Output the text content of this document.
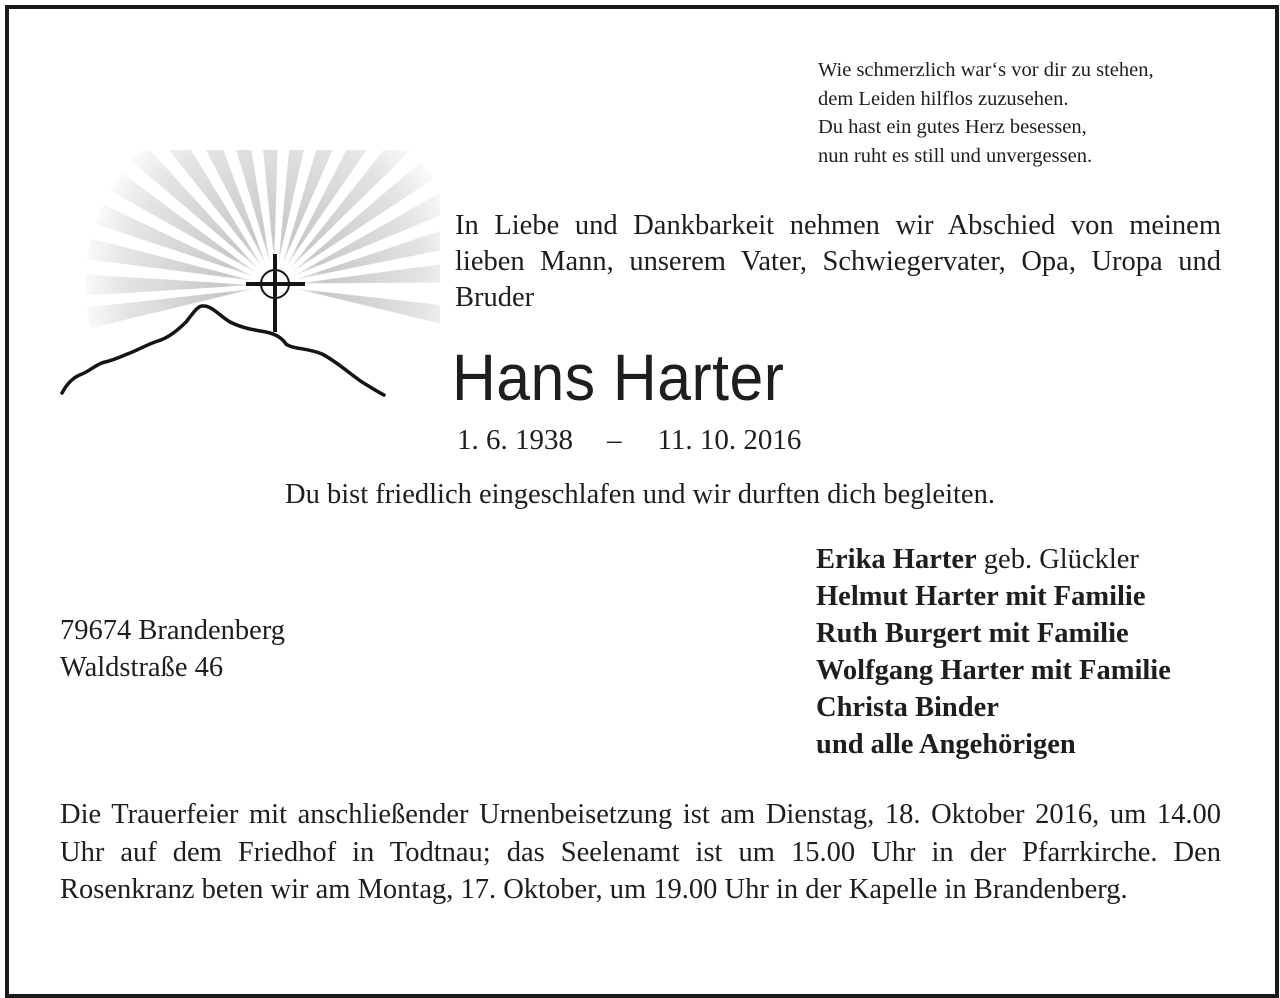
Wie schmerzlich war‘s vor dir zu stehen,
dem Leiden hilflos zuzusehen.
Du hast ein gutes Herz besessen,
nun ruht es still und unvergessen.
In Liebe und Dankbarkeit nehmen wir Abschied von meinem lieben Mann, unserem Vater, Schwiegervater, Opa, Uropa und Bruder
Hans Harter
1. 6. 1938 – 11. 10. 2016
Du bist friedlich eingeschlafen und wir durften dich begleiten.
79674 Brandenberg
Waldstraße 46
Erika Harter geb. Glückler
Helmut Harter mit Familie
Ruth Burgert mit Familie
Wolfgang Harter mit Familie
Christa Binder
und alle Angehörigen
Die Trauerfeier mit anschließender Urnenbeisetzung ist am Dienstag, 18. Oktober 2016, um 14.00 Uhr auf dem Friedhof in Todtnau; das Seelenamt ist um 15.00 Uhr in der Pfarrkirche. Den Rosenkranz beten wir am Montag, 17. Oktober, um 19.00 Uhr in der Kapelle in Brandenberg.
